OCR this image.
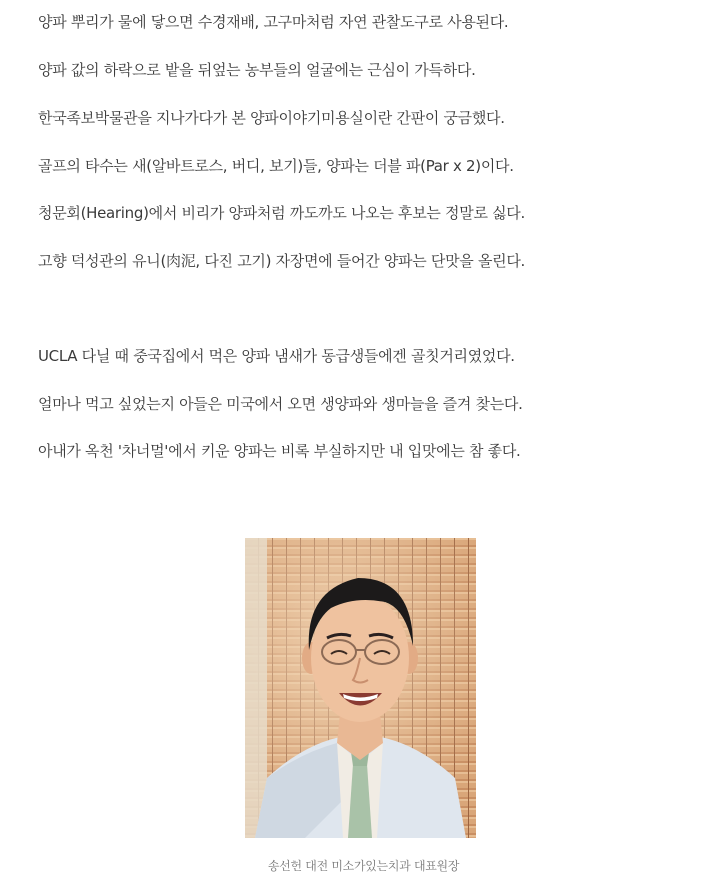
양파 뿌리가 물에 닿으면 수경재배, 고구마처럼 자연 관찰도구로 사용된다.

양파 값의 하락으로 밭을 뒤엎는 농부들의 얼굴에는 근심이 가득하다.

한국족보박물관을 지나가다가 본 양파이야기미용실이란 간판이 궁금했다.

골프의 타수는 새(알바트로스, 버디, 보기)들, 양파는 더블 파(Par x 2)이다.

청문회(Hearing)에서 비리가 양파처럼 까도까도 나오는 후보는 정말로 싫다.

고향 덕성관의 유니(肉泥, 다진 고기) 자장면에 들어간 양파는 단맛을 올린다.

UCLA 다닐 때 중국집에서 먹은 양파 냄새가 동급생들에겐 골칫거리였었다.

얼마나 먹고 싶었는지 아들은 미국에서 오면 생양파와 생마늘을 즐겨 찾는다.

아내가 옥천 '차너멀'에서 키운 양파는 비록 부실하지만 내 입맛에는 참 좋다.

송선헌 대전 미소가있는치과 대표원장
